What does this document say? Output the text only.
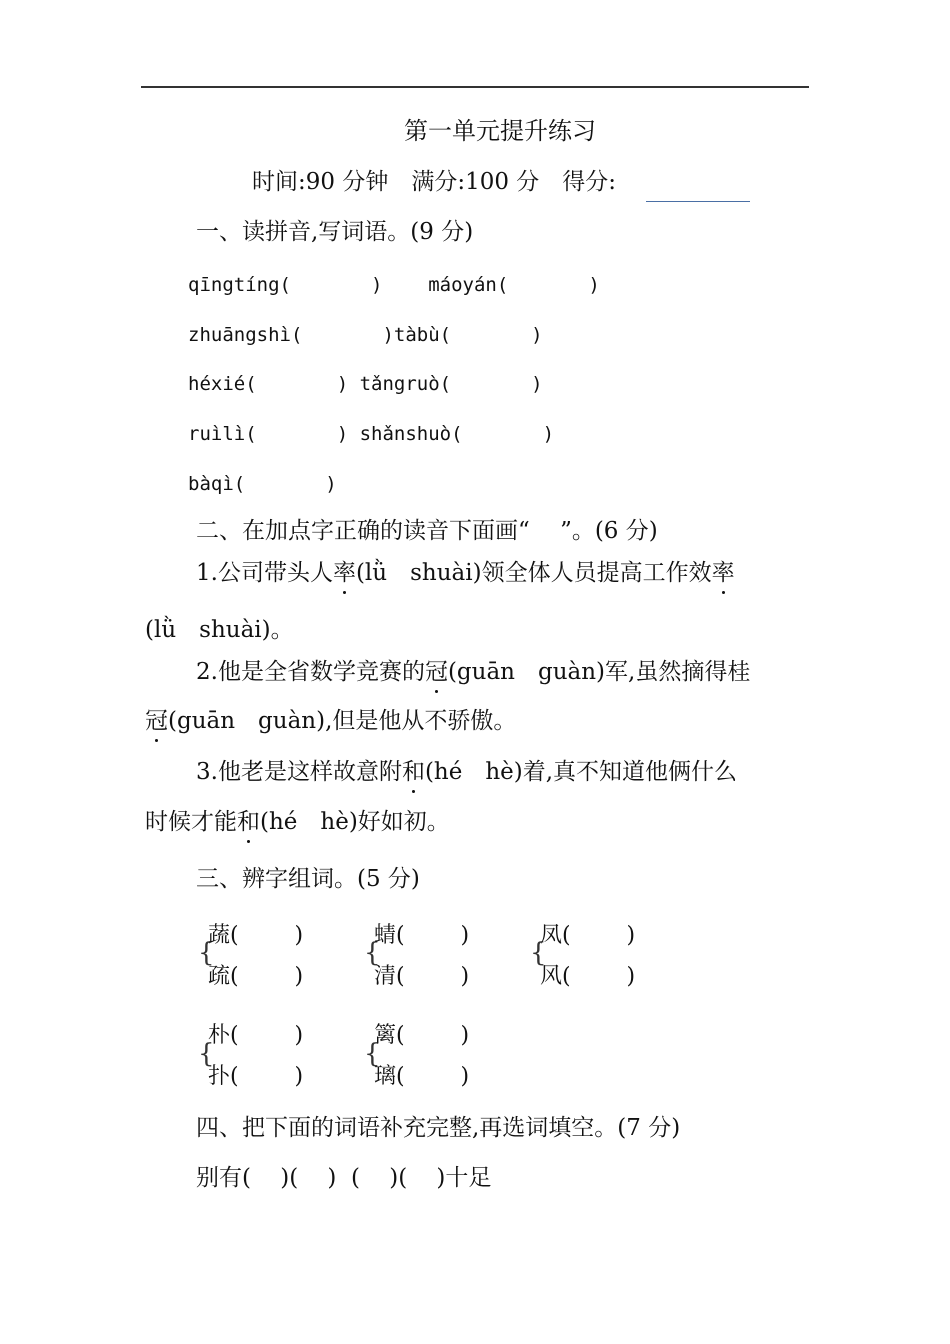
第一单元提升练习
时间:90 分钟　满分:100 分　得分:
一、读拼音,写词语。(9 分)
qīngtíng(       )    máoyán(       )
zhuāngshì(       )tàbù(       )
héxié(       ) tǎngruò(       )
ruìlì(       ) shǎnshuò(       )
bàqì(       )
二、在加点字正确的读音下面画“　 ”。(6 分)
1.公司带头人率(lǜ　shuài)领全体人员提高工作效率
(lǜ　shuài)。
2.他是全省数学竞赛的冠(guān　guàn)军,虽然摘得桂
冠(guān　guàn),但是他从不骄傲。
3.他老是这样故意附和(hé　hè)着,真不知道他俩什么
时候才能和(hé　hè)好如初。
三、辨字组词。(5 分)
{
蔬(        )
疏(        )
{
蜻(        )
清(        )
{
凤(        )
风(        )
{
朴(        )
扑(        )
{
篱(        )
璃(        )
四、把下面的词语补充完整,再选词填空。(7 分)
别有(    )(    )  (    )(    )十足
